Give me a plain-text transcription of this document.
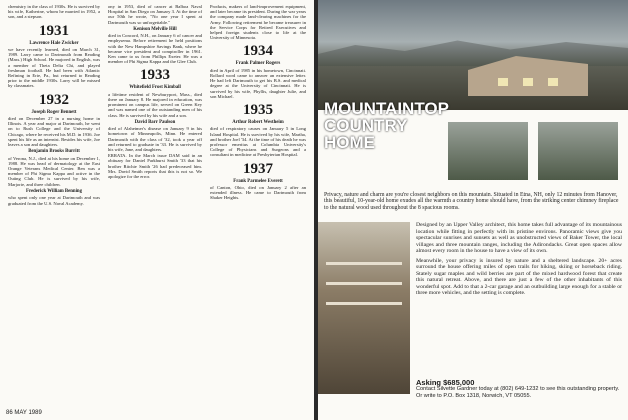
chemistry in the class of 1930s. He is survived by his wife, Katherine, whom he married in 1952, a son, and a stepson.

1931
Lawrence Hale Zwicker

we have recently learned, died on March 31, 1989. Larry came to Dartmouth from Reading (Mass.) High School. He majored in English, was a member of Theta Delta Chi, and played freshman football. He had been with Atlantic Refining in Erie, Pa., but returned to Reading prior to the middle 1930s. Larry will be missed by classmates.

1932
Joseph Roger Bennett

died on December 27 in a nursing home in Illinois. A year and major at Dartmouth, he went on to Rush College and the University of Chicago, where he received his M.D. in 1936. Joe spent his life as an internist. Besides his wife, Joe leaves a son and daughters.

Benjamin Brooks Burritt

of Verona, N.J., died at his home on December 1, 1988. He was head of dermatology at the East Orange Veterans Medical Center. Ben was a member of Phi Sigma Kappa and active in the Outing Club. He is survived by his wife, Marjorie, and three children.

Frederick William Benning

who spent only one year at Dartmouth and was graduated from the U.S. Naval Academy.

ony in 1953, died of cancer at Balboa Naval Hospital in San Diego on January 3. At the time of our 50th he wrote, "No one year I spent at Dartmouth was so unforgettable."

Kenison Melville Hill

died in Concord, N.H., on January 6 of cancer and emphysema. Before retirement he held positions with the New Hampshire Savings Bank, where he became vice president and comptroller in 1961. Ken came to us from Phillips Exeter. He was a member of Phi Sigma Kappa and the Glee Club.

1933
Whitefield Frost Kimball

a lifetime resident of Newburyport, Mass., died there on January 8. He majored in education, was prominent on campus life, served on Green Key and was named one of the outstanding men of his class. He is survived by his wife and a son.

David Barr Paulson

died of Alzheimer's disease on January 9 in his hometown of Minneapolis, Minn. He entered Dartmouth with the class of '32, took a year off and returned to graduate in '33. He is survived by his wife, Jane, and daughters.

ERRATA. In the March issue DAM said in an obituary for Daniel Parkhurst Smith '33 that his brother Ritchie Smith '26 had predeceased him. Mrs. David Smith reports that this is not so. We apologize for the error.

Products, makers of land-improvement equipment, and later became its president. During the war years the company made land-clearing machines for the Army. Following retirement he became treasurer in the Service Corps for Retired Executives and helped foreign students close to life at the University of Minnesota.

1934
Frank Palmer Rogers

died in April of 1985 in his hometown, Cincinnati. Rollard word came to answer an extensive letter. He had left Dartmouth to get his B.S. and medical degree at the University of Cincinnati. He is survived by his wife, Phyllis, daughter Julie, and son Michael.

1935
Arthur Robert Westheim

died of respiratory causes on January 5 in Long Island Hospital. He is survived by his wife, Martha, and brother Joel '34. At the time of his death he was professor emeritus at Columbia University's College of Physicians and Surgeons and a consultant in medicine at Presbyterian Hospital.

1937
Frank Parmelee Everett

of Canton, Ohio, died on January 2 after an extended illness. He came to Dartmouth from Shaker Heights.

86 MAY 1989
MOUNTAINTOP COUNTRY HOME

Privacy, nature and charm are you're closest neighbors on this mountain. Situated in Etna, NH, only 12 minutes from Hanover, this beautiful, 10-year-old home exudes all the warmth a country home should have, from the striking center chimney fireplace to the natural wood used throughout the 8 spacious rooms.

Designed by an Upper Valley architect, this home takes full advantage of its mountainous location while fitting in perfectly with its pristine environs. Panoramic views give you spectacular sunrises and sunsets as well as unobstructed views of Baker Tower, the local villages and three mountain ranges, including the Adirondacks. Great open spaces allow almost every room in the house to have a view of its own.

Meanwhile, your privacy is insured by nature and a sheltered landscape. 20+ acres surround the house offering miles of open trails for hiking, skiing or horseback riding. Stately sugar maples and wild berries are part of the mixed hardwood forest that create this natural retreat. Above, and there are just a few of the other inhabitants of this wonderful spot. Add to that a 2-car garage and an outbuilding large enough for a stable or three more vehicles, and the setting is complete.

Asking $685,000
Contact Silvette Gardner today at (802) 649-1232 to see this outstanding property. Or write to P.O. Box 1318, Norwich, VT 05055.
